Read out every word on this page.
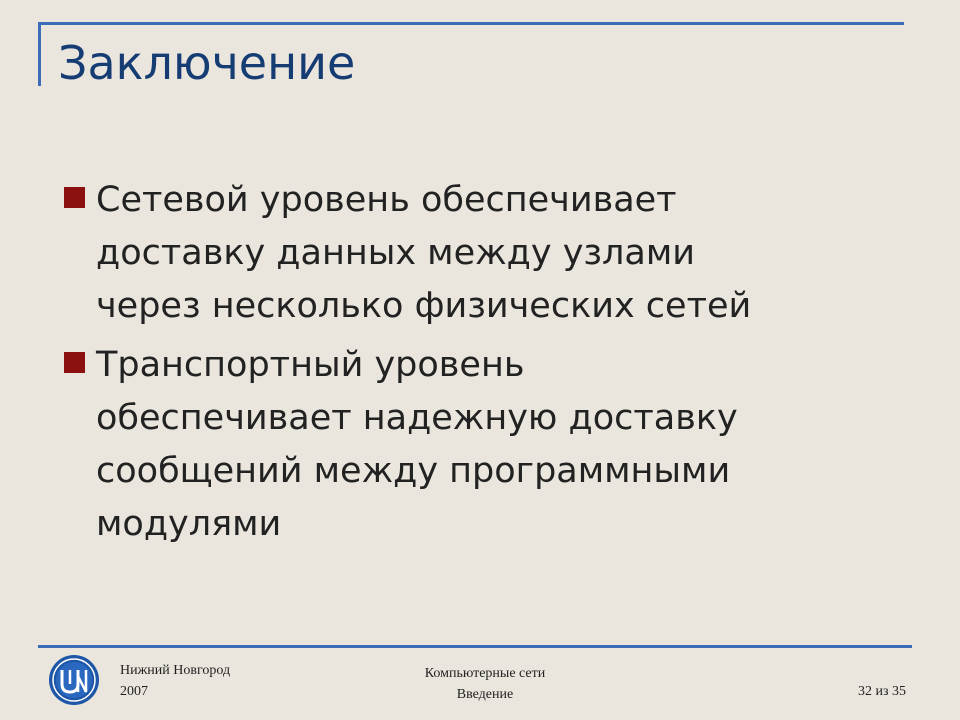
Заключение
Сетевой уровень обеспечивает
доставку данных между узлами
через несколько физических сетей
Транспортный уровень
обеспечивает надежную доставку
сообщений между программными
модулями
Нижний Новгород
2007
Компьютерные сети
Введение	32 из 35
